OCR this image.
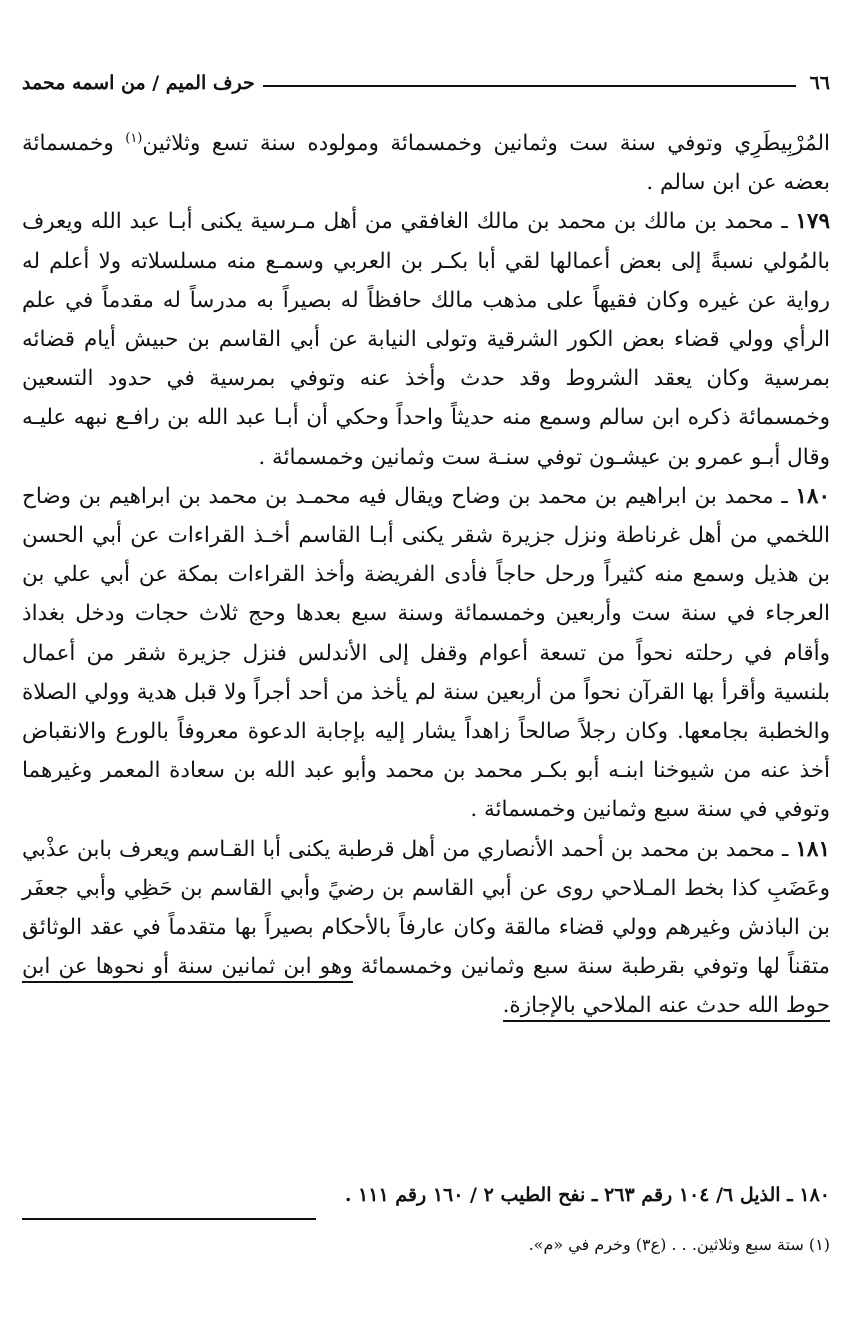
٦٦
حرف الميم / من اسمه محمد

المُرْبِيطَرِي وتوفي سنة ست وثمانين وخمسمائة ومولوده سنة تسع وثلاثين$^{(١)}$ وخمسمائة بعضه عن ابن سالم .

١٧٩ ـ محمد بن مالك بن محمد بن مالك الغافقي من أهل مـرسية يكنى أبـا عبد الله ويعرف بالمُولي نسبةً إلى بعض أعمالها لقي أبا بكـر بن العربي وسمـع منه مسلسلاته ولا أعلم له رواية عن غيره وكان فقيهاً على مذهب مالك حافظاً له بصيراً به مدرساً له مقدماً في علم الرأي وولي قضاء بعض الكور الشرقية وتولى النيابة عن أبي القاسم بن حبيش أيام قضائه بمرسية وكان يعقد الشروط وقد حدث وأخذ عنه وتوفي بمرسية في حدود التسعين وخمسمائة ذكره ابن سالم وسمع منه حديثاً واحداً وحكي أن أبـا عبد الله بن رافـع نبهه عليـه وقال أبـو عمرو بن عيشـون توفي سنـة ست وثمانين وخمسمائة .

١٨٠ ـ محمد بن ابراهيم بن محمد بن وضاح ويقال فيه محمـد بن محمد بن ابراهيم بن وضاح اللخمي من أهل غرناطة ونزل جزيرة شقر يكنى أبـا القاسم أخـذ القراءات عن أبي الحسن بن هذيل وسمع منه كثيراً ورحل حاجاً فأدى الفريضة وأخذ القراءات بمكة عن أبي علي بن العرجاء في سنة ست وأربعين وخمسمائة وسنة سبع بعدها وحج ثلاث حجات ودخل بغداذ وأقام في رحلته نحواً من تسعة أعوام وقفل إلى الأندلس فنزل جزيرة شقر من أعمال بلنسية وأقرأ بها القرآن نحواً من أربعين سنة لم يأخذ من أحد أجراً ولا قبل هدية وولي الصلاة والخطبة بجامعها. وكان رجلاً صالحاً زاهداً يشار إليه بإجابة الدعوة معروفاً بالورع والانقباض أخذ عنه من شيوخنا ابنـه أبو بكـر محمد بن محمد وأبو عبد الله بن سعادة المعمر وغيرهما وتوفي في سنة سبع وثمانين وخمسمائة .

١٨١ ـ محمد بن محمد بن أحمد الأنصاري من أهل قرطبة يكنى أبا القـاسم ويعرف بابن عذْبي وعَضَبِ كذا بخط المـلاحي روى عن أبي القاسم بن رضيً وأبي القاسم بن حَظِي وأبي جعفَر بن الباذش وغيرهم وولي قضاء مالقة وكان عارفاً بالأحكام بصيراً بها متقدماً في عقد الوثائق متقناً لها وتوفي بقرطبة سنة سبع وثمانين وخمسمائة وهو ابن ثمانين سنة أو نحوها عن ابن حوط الله حدث عنه الملاحي بالإجازة.

١٨٠ ـ الذيل ٦/ ١٠٤ رقم ٢٦٣ ـ نفح الطيب ٢ / ١٦٠ رقم ١١١ .
(١) ستة سبع وثلاثين. . . (ع٣) وخرم في «م».
